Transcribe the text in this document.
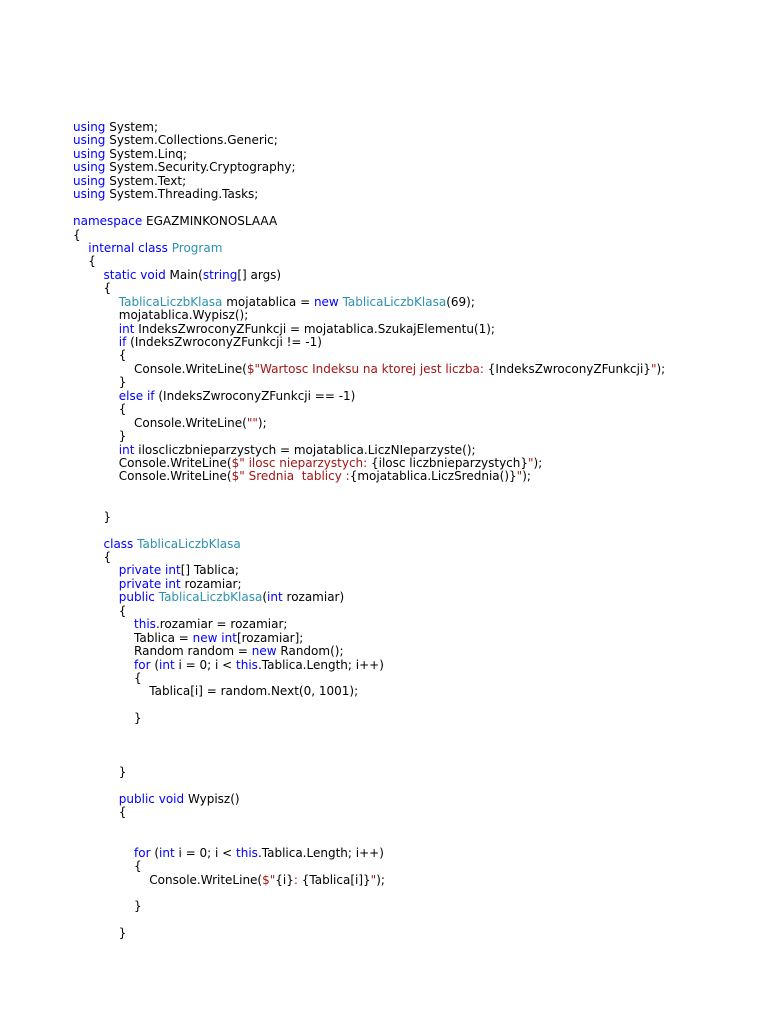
using System;
using System.Collections.Generic;
using System.Linq;
using System.Security.Cryptography;
using System.Text;
using System.Threading.Tasks;
namespace EGAZMINKONOSLAAA
{
internal class Program
{
static void Main(string[] args)
{
TablicaLiczbKlasa mojatablica = new TablicaLiczbKlasa(69);
mojatablica.Wypisz();
int IndeksZwroconyZFunkcji = mojatablica.SzukajElementu(1);
if (IndeksZwroconyZFunkcji != -1)
{
Console.WriteLine($"Wartosc Indeksu na ktorej jest liczba: {IndeksZwroconyZFunkcji}");
}
else if (IndeksZwroconyZFunkcji == -1)
{
Console.WriteLine("");
}
int iloscliczbnieparzystych = mojatablica.LiczNIeparzyste();
Console.WriteLine($" ilosc nieparzystych: {ilosc liczbnieparzystych}");
Console.WriteLine($" Srednia  tablicy :{mojatablica.LiczSrednia()}");
}
class TablicaLiczbKlasa
{
private int[] Tablica;
private int rozamiar;
public TablicaLiczbKlasa(int rozamiar)
{
this.rozamiar = rozamiar;
Tablica = new int[rozamiar];
Random random = new Random();
for (int i = 0; i < this.Tablica.Length; i++)
{
Tablica[i] = random.Next(0, 1001);
}
}
public void Wypisz()
{
for (int i = 0; i < this.Tablica.Length; i++)
{
Console.WriteLine($"{i}: {Tablica[i]}");
}
}
